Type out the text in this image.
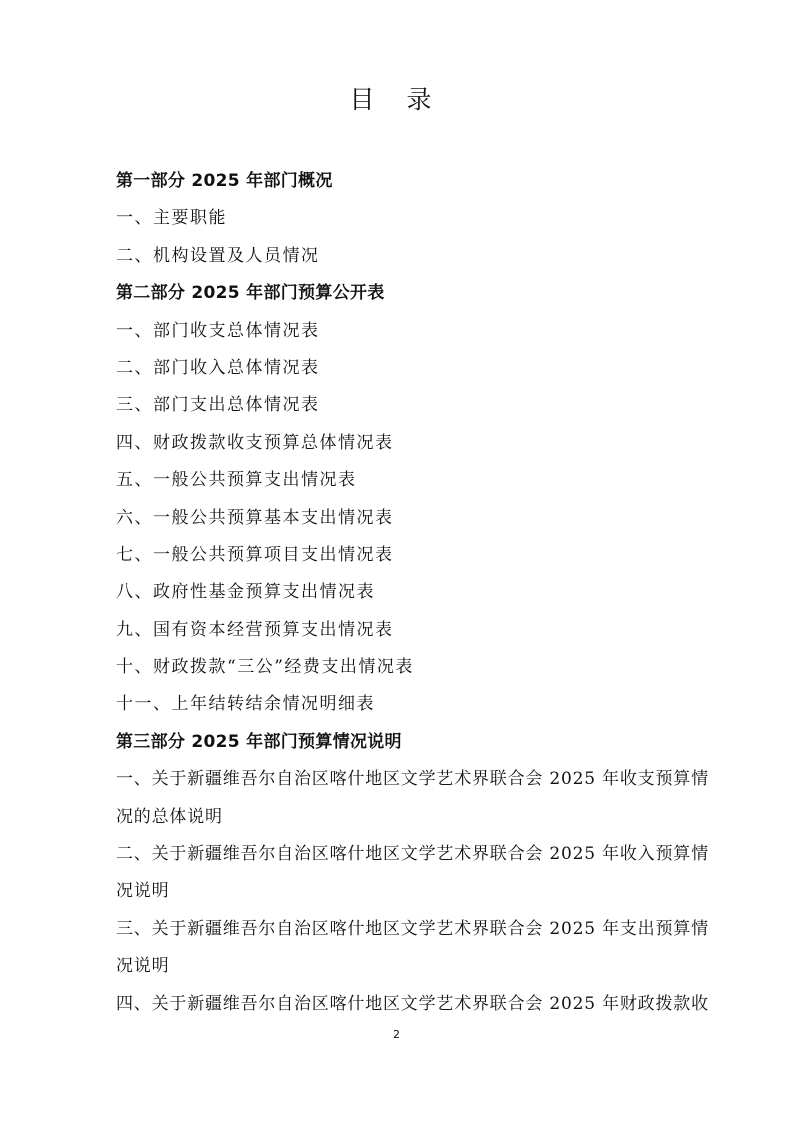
目 录
第一部分 2025 年部门概况
一、主要职能
二、机构设置及人员情况
第二部分 2025 年部门预算公开表
一、部门收支总体情况表
二、部门收入总体情况表
三、部门支出总体情况表
四、财政拨款收支预算总体情况表
五、一般公共预算支出情况表
六、一般公共预算基本支出情况表
七、一般公共预算项目支出情况表
八、政府性基金预算支出情况表
九、国有资本经营预算支出情况表
十、财政拨款“三公”经费支出情况表
十一、上年结转结余情况明细表
第三部分 2025 年部门预算情况说明
一、关于新疆维吾尔自治区喀什地区文学艺术界联合会 2025 年收支预算情
况的总体说明
二、关于新疆维吾尔自治区喀什地区文学艺术界联合会 2025 年收入预算情
况说明
三、关于新疆维吾尔自治区喀什地区文学艺术界联合会 2025 年支出预算情
况说明
四、关于新疆维吾尔自治区喀什地区文学艺术界联合会 2025 年财政拨款收
2
